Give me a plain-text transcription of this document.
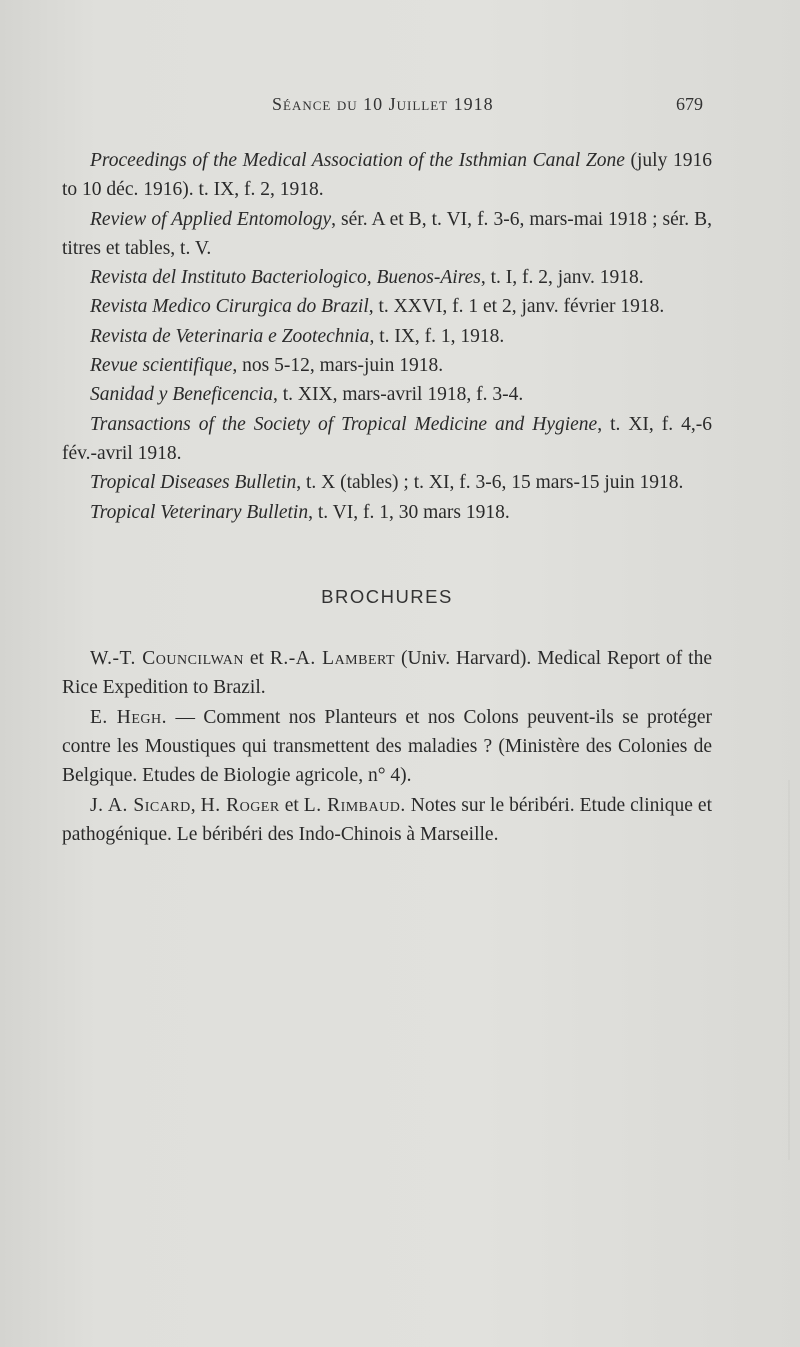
Séance du 10 Juillet 1918	679

Proceedings of the Medical Association of the Isthmian Canal Zone (july 1916 to 10 déc. 1916). t. IX, f. 2, 1918.

Review of Applied Entomology, sér. A et B, t. VI, f. 3-6, mars-mai 1918 ; sér. B, titres et tables, t. V.

Revista del Instituto Bacteriologico, Buenos-Aires, t. I, f. 2, janv. 1918.

Revista Medico Cirurgica do Brazil, t. XXVI, f. 1 et 2, janv. février 1918.

Revista de Veterinaria e Zootechnia, t. IX, f. 1, 1918.

Revue scientifique, nos 5-12, mars-juin 1918.

Sanidad y Beneficencia, t. XIX, mars-avril 1918, f. 3-4.

Transactions of the Society of Tropical Medicine and Hygiene, t. XI, f. 4,-6 fév.-avril 1918.

Tropical Diseases Bulletin, t. X (tables) ; t. XI, f. 3-6, 15 mars-15 juin 1918.

Tropical Veterinary Bulletin, t. VI, f. 1, 30 mars 1918.

BROCHURES

W.-T. Councilwan et R.-A. Lambert (Univ. Harvard). Medical Report of the Rice Expedition to Brazil.

E. Hegh. — Comment nos Planteurs et nos Colons peuvent-ils se protéger contre les Moustiques qui transmettent des maladies ? (Ministère des Colonies de Belgique. Etudes de Biologie agricole, n° 4).

J. A. Sicard, H. Roger et L. Rimbaud. Notes sur le béribéri. Etude clinique et pathogénique. Le béribéri des Indo-Chinois à Marseille.
